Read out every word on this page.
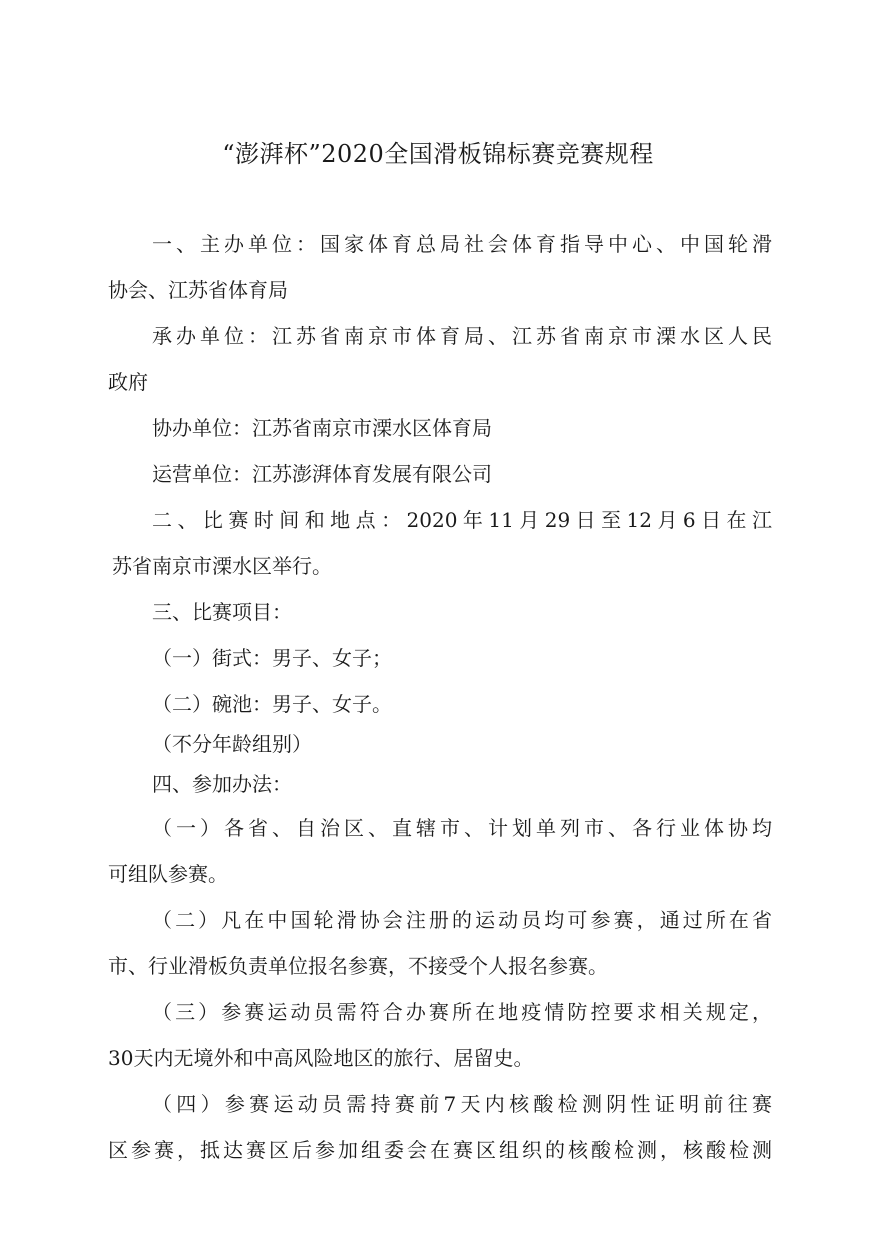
“澎湃杯”2020全国滑板锦标赛竞赛规程

一、主办单位：国家体育总局社会体育指导中心、中国轮滑

协会、江苏省体育局

承办单位：江苏省南京市体育局、江苏省南京市溧水区人民

政府

协办单位：江苏省南京市溧水区体育局

运营单位：江苏澎湃体育发展有限公司

二、比赛时间和地点：2020年11月29日至12月6日在江

苏省南京市溧水区举行。

三、比赛项目：

（一）街式：男子、女子；

（二）碗池：男子、女子。

（不分年龄组别）

四、参加办法：

（一）各省、自治区、直辖市、计划单列市、各行业体协均

可组队参赛。

（二）凡在中国轮滑协会注册的运动员均可参赛，通过所在省

市、行业滑板负责单位报名参赛，不接受个人报名参赛。

（三）参赛运动员需符合办赛所在地疫情防控要求相关规定，

30天内无境外和中高风险地区的旅行、居留史。

（四）参赛运动员需持赛前7天内核酸检测阴性证明前往赛

区参赛，抵达赛区后参加组委会在赛区组织的核酸检测，核酸检测
